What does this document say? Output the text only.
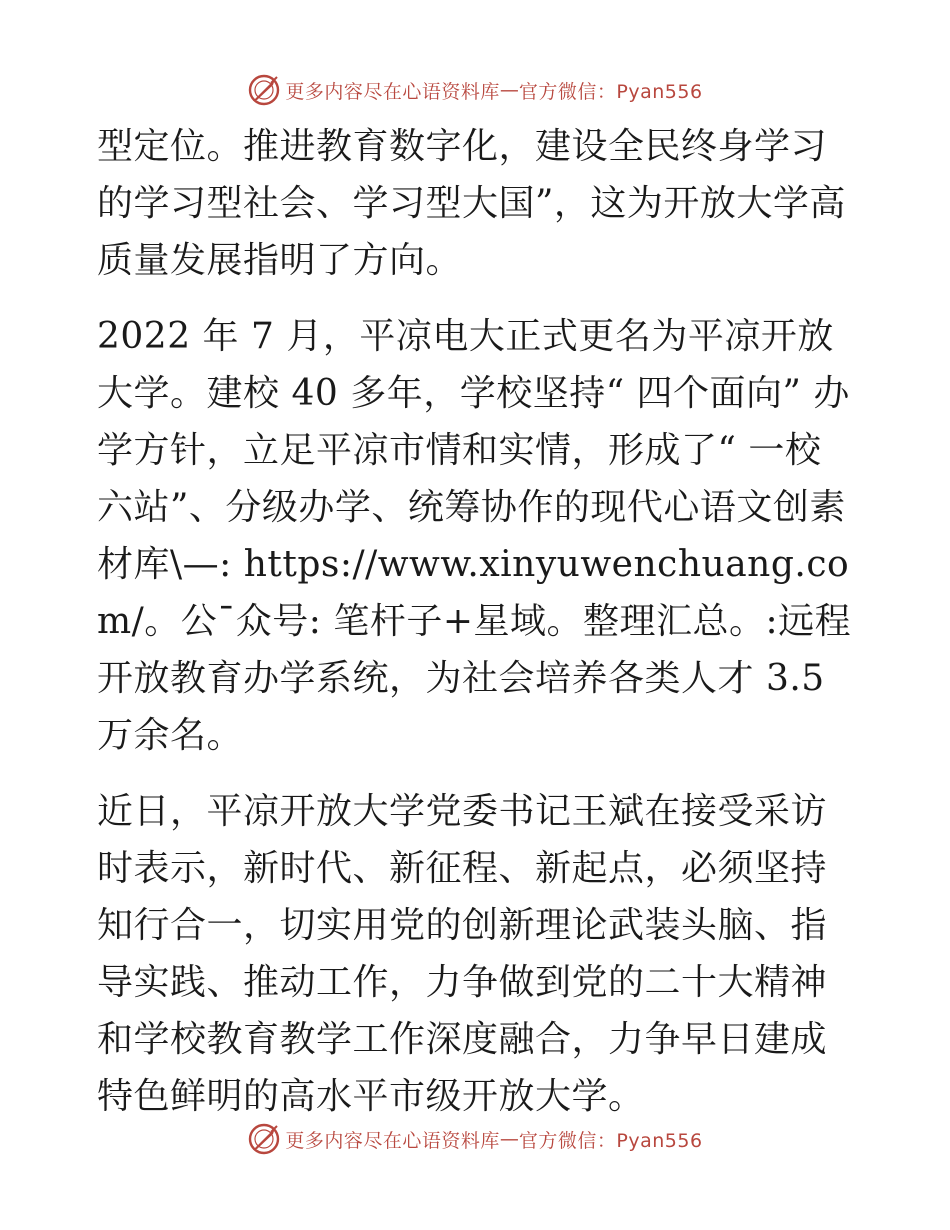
更多内容尽在心语资料库 — 官方微信：Pyan556

型定位。推进教育数字化，建设全民终身学习的学习型社会、学习型大国”，这为开放大学高质量发展指明了方向。

2022 年 7 月，平凉电大正式更名为平凉开放大学。建校 40 多年，学校坚持“ 四个面向” 办学方针，立足平凉市情和实情，形成了“ 一校六站”、分级办学、统筹协作的现代心语文创素材库\—: https://www.xinyuwenchuang.com/。公¯众号: 笔杆子+星域。整理汇总。:远程开放教育办学系统，为社会培养各类人才 3.5 万余名。

近日，平凉开放大学党委书记王斌在接受采访时表示，新时代、新征程、新起点，必须坚持知行合一，切实用党的创新理论武装头脑、指导实践、推动工作，力争做到党的二十大精神和学校教育教学工作深度融合，力争早日建成特色鲜明的高水平市级开放大学。

更多内容尽在心语资料库 — 官方微信：Pyan556
